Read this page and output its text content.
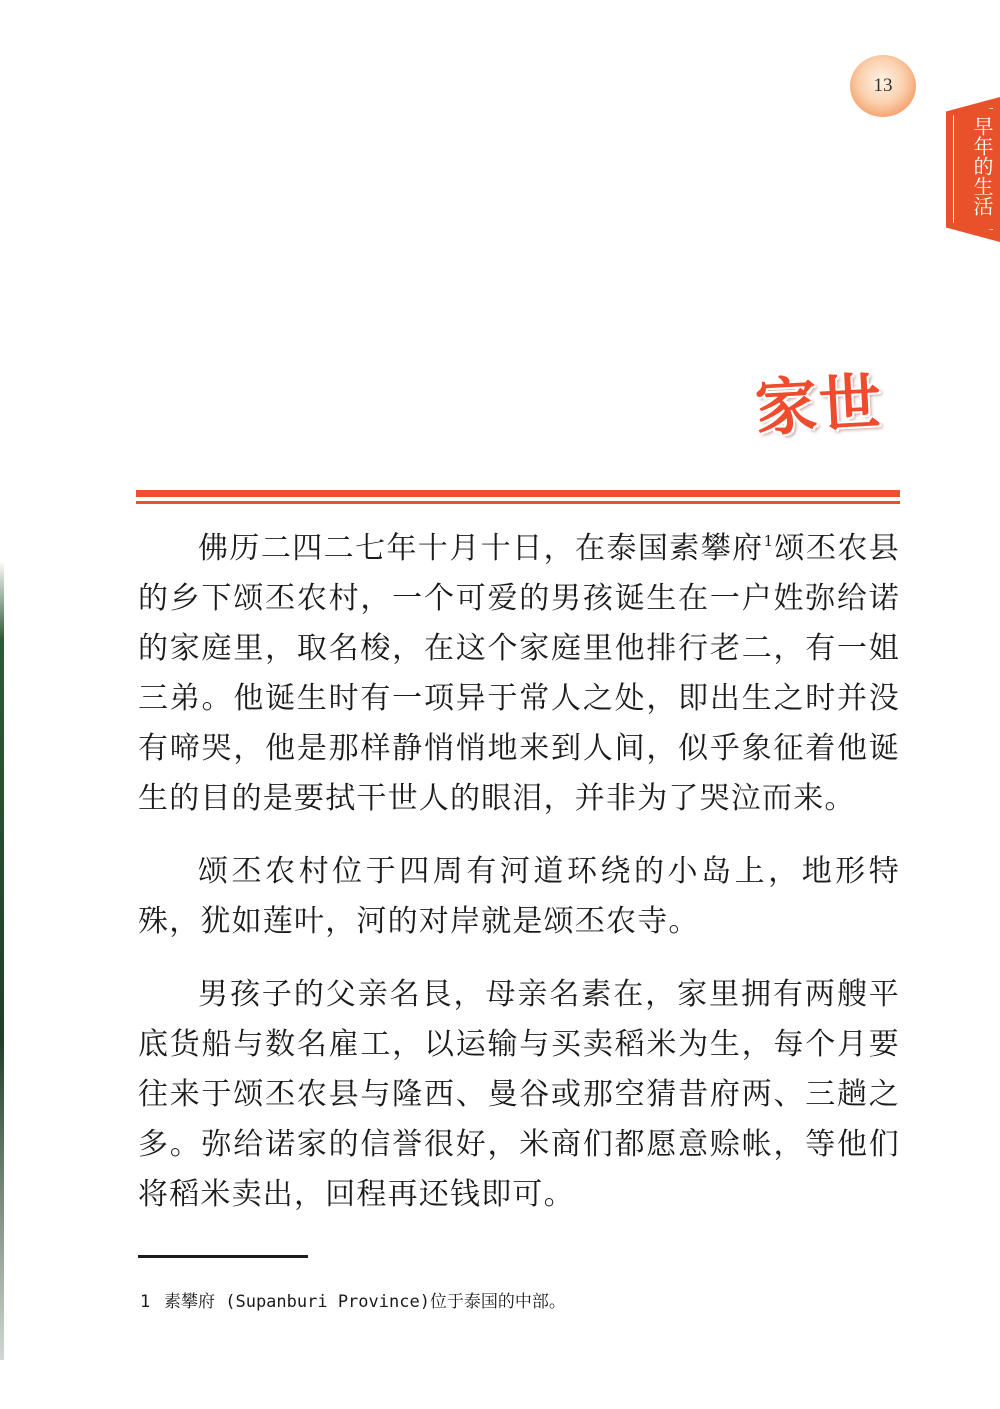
13
早年的生活
家世

佛历二四二七年十月十日，在泰国素攀府$^1$颂丕农县的乡下颂丕农村，一个可爱的男孩诞生在一户姓弥给诺的家庭里，取名梭，在这个家庭里他排行老二，有一姐三弟。他诞生时有一项异于常人之处，即出生之时并没有啼哭，他是那样静悄悄地来到人间，似乎象征着他诞生的目的是要拭干世人的眼泪，并非为了哭泣而来。

颂丕农村位于四周有河道环绕的小岛上，地形特殊，犹如莲叶，河的对岸就是颂丕农寺。

男孩子的父亲名艮，母亲名素在，家里拥有两艘平底货船与数名雇工，以运输与买卖稻米为生，每个月要往来于颂丕农县与隆西、曼谷或那空猜昔府两、三趟之多。弥给诺家的信誉很好，米商们都愿意赊帐，等他们将稻米卖出，回程再还钱即可。

1 素攀府 (Supanburi Province)位于泰国的中部。
